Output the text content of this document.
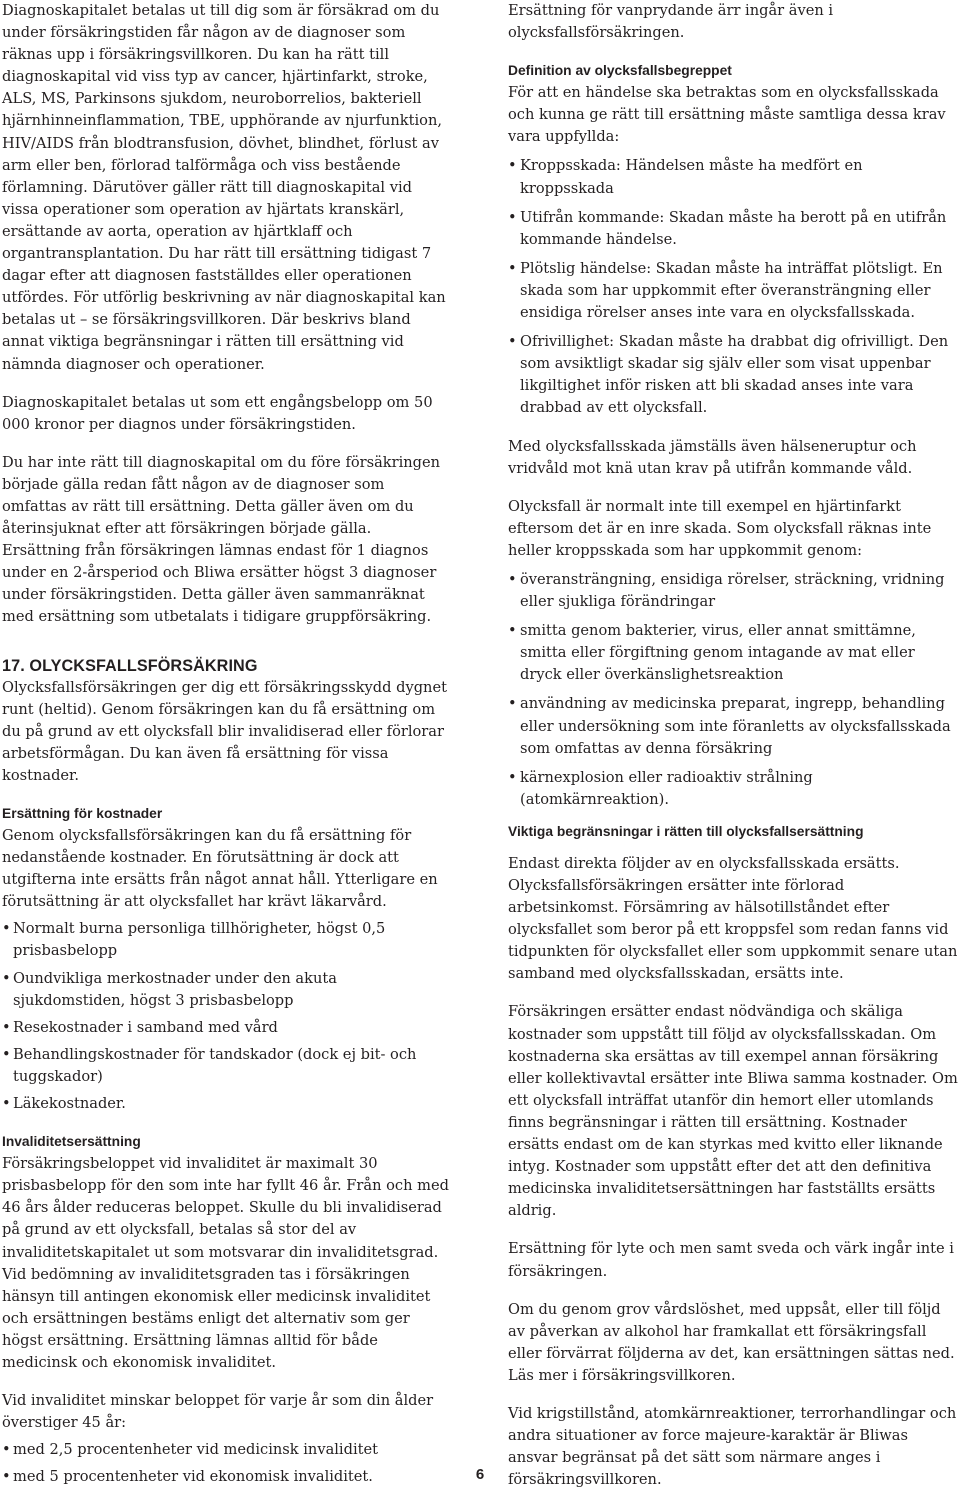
Diagnoskapitalet betalas ut till dig som är försäkrad om du under försäkringstiden får någon av de diagnoser som räknas upp i försäkringsvillkoren. Du kan ha rätt till diagnoskapital vid viss typ av cancer, hjärtinfarkt, stroke, ALS, MS, Parkinsons sjukdom, neuroborrelios, bakteriell hjärnhinneinflammation, TBE, upphörande av njurfunktion, HIV/AIDS från blodtransfusion, dövhet, blindhet, förlust av arm eller ben, förlorad talförmåga och viss bestående förlamning. Därutöver gäller rätt till diagnoskapital vid vissa operationer som operation av hjärtats kranskärl, ersättande av aorta, operation av hjärtklaff och organtransplantation. Du har rätt till ersättning tidigast 7 dagar efter att diagnosen fastställdes eller operationen utfördes. För utförlig beskrivning av när diagnoskapital kan betalas ut – se försäkringsvillkoren. Där beskrivs bland annat viktiga begränsningar i rätten till ersättning vid nämnda diagnoser och operationer.

Diagnoskapitalet betalas ut som ett engångsbelopp om 50 000 kronor per diagnos under försäkringstiden.

Du har inte rätt till diagnoskapital om du före försäkringen började gälla redan fått någon av de diagnoser som omfattas av rätt till ersättning. Detta gäller även om du återinsjuknat efter att försäkringen började gälla. Ersättning från försäkringen lämnas endast för 1 diagnos under en 2-årsperiod och Bliwa ersätter högst 3 diagnoser under försäkringstiden. Detta gäller även sammanräknat med ersättning som utbetalats i tidigare gruppförsäkring.

17. OLYCKSFALLSFÖRSÄKRING

Olycksfallsförsäkringen ger dig ett försäkringsskydd dygnet runt (heltid). Genom försäkringen kan du få ersättning om du på grund av ett olycksfall blir invalidiserad eller förlorar arbetsförmågan. Du kan även få ersättning för vissa kostnader.

Ersättning för kostnader

Genom olycksfallsförsäkringen kan du få ersättning för nedanstående kostnader. En förutsättning är dock att utgifterna inte ersätts från något annat håll. Ytterligare en förutsättning är att olycksfallet har krävt läkarvård.

• Normalt burna personliga tillhörigheter, högst 0,5 prisbasbelopp
• Oundvikliga merkostnader under den akuta sjukdomstiden, högst 3 prisbasbelopp
• Resekostnader i samband med vård
• Behandlingskostnader för tandskador (dock ej bit- och tuggskador)
• Läkekostnader.
Invaliditetsersättning

Försäkringsbeloppet vid invaliditet är maximalt 30 prisbasbelopp för den som inte har fyllt 46 år. Från och med 46 års ålder reduceras beloppet. Skulle du bli invalidiserad på grund av ett olycksfall, betalas så stor del av invaliditetskapitalet ut som motsvarar din invaliditetsgrad. Vid bedömning av invaliditetsgraden tas i försäkringen hänsyn till antingen ekonomisk eller medicinsk invaliditet och ersättningen bestäms enligt det alternativ som ger högst ersättning. Ersättning lämnas alltid för både medicinsk och ekonomisk invaliditet.

Vid invaliditet minskar beloppet för varje år som din ålder överstiger 45 år:

• med 2,5 procentenheter vid medicinsk invaliditet
• med 5 procentenheter vid ekonomisk invaliditet.

Ersättning för vanprydande ärr ingår även i olycksfallsförsäkringen.

Definition av olycksfallsbegreppet

För att en händelse ska betraktas som en olycksfallsskada och kunna ge rätt till ersättning måste samtliga dessa krav vara uppfyllda:

• Kroppsskada: Händelsen måste ha medfört en kroppsskada
• Utifrån kommande: Skadan måste ha berott på en utifrån kommande händelse.
• Plötslig händelse: Skadan måste ha inträffat plötsligt. En skada som har uppkommit efter överansträngning eller ensidiga rörelser anses inte vara en olycksfallsskada.
• Ofrivillighet: Skadan måste ha drabbat dig ofrivilligt. Den som avsiktligt skadar sig själv eller som visat uppenbar likgiltighet inför risken att bli skadad anses inte vara drabbad av ett olycksfall.

Med olycksfallsskada jämställs även hälseneruptur och vridvåld mot knä utan krav på utifrån kommande våld.

Olycksfall är normalt inte till exempel en hjärtinfarkt eftersom det är en inre skada. Som olycksfall räknas inte heller kroppsskada som har uppkommit genom:

• överansträngning, ensidiga rörelser, sträckning, vridning eller sjukliga förändringar
• smitta genom bakterier, virus, eller annat smittämne, smitta eller förgiftning genom intagande av mat eller dryck eller överkänslighetsreaktion
• användning av medicinska preparat, ingrepp, behandling eller undersökning som inte föranletts av olycksfallsskada som omfattas av denna försäkring
• kärnexplosion eller radioaktiv strålning (atomkärnreaktion).
Viktiga begränsningar i rätten till olycksfallsersättning

Endast direkta följder av en olycksfallsskada ersätts. Olycksfallsförsäkringen ersätter inte förlorad arbetsinkomst. Försämring av hälsotillståndet efter olycksfallet som beror på ett kroppsfel som redan fanns vid tidpunkten för olycksfallet eller som uppkommit senare utan samband med olycksfallsskadan, ersätts inte.

Försäkringen ersätter endast nödvändiga och skäliga kostnader som uppstått till följd av olycksfallsskadan. Om kostnaderna ska ersättas av till exempel annan försäkring eller kollektivavtal ersätter inte Bliwa samma kostnader. Om ett olycksfall inträffat utanför din hemort eller utomlands finns begränsningar i rätten till ersättning. Kostnader ersätts endast om de kan styrkas med kvitto eller liknande intyg. Kostnader som uppstått efter det att den definitiva medicinska invaliditetsersättningen har fastställts ersätts aldrig.

Ersättning för lyte och men samt sveda och värk ingår inte i försäkringen.

Om du genom grov vårdslöshet, med uppsåt, eller till följd av påverkan av alkohol har framkallat ett försäkringsfall eller förvärrat följderna av det, kan ersättningen sättas ned. Läs mer i försäkringsvillkoren.

Vid krigstillstånd, atomkärnreaktioner, terrorhandlingar och andra situationer av force majeure-karaktär är Bliwas ansvar begränsat på det sätt som närmare anges i försäkringsvillkoren.

6
